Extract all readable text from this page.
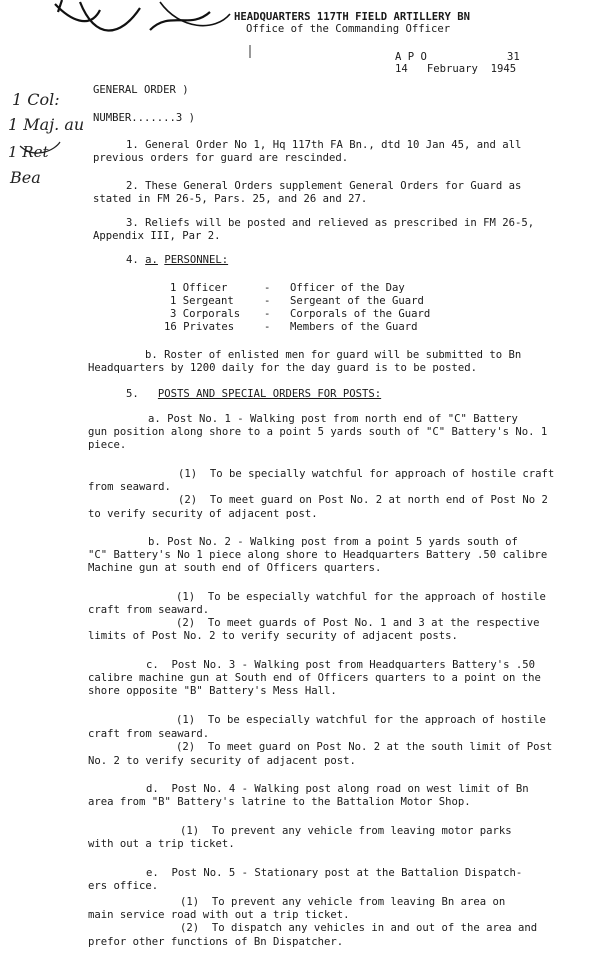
HEADQUARTERS 117TH FIELD ARTILLERY BN
Office of the Commanding Officer
A P O	31
14   February  1945
GENERAL ORDER )
NUMBER.......3 )
1 Col:
1 Maj. au
1 Ret
Bea
1. General Order No 1, Hq 117th FA Bn., dtd 10 Jan 45, and all
previous orders for guard are rescinded.
2. These General Orders supplement General Orders for Guard as
stated in FM 26-5, Pars. 25, and 26 and 27.
3. Reliefs will be posted and relieved as prescribed in FM 26-5,
Appendix III, Par 2.
4. a. PERSONNEL:
1 Officer	- Officer of the Day
1 Sergeant	- Sergeant of the Guard
3 Corporals - Corporals of the Guard
16 Privates	- Members of the Guard
b. Roster of enlisted men for guard will be submitted to Bn
Headquarters by 1200 daily for the day guard is to be posted.
5. POSTS AND SPECIAL ORDERS FOR POSTS:
a. Post No. 1 - Walking post from north end of "C" Battery
gun position along shore to a point 5 yards south of "C" Battery's No. 1
piece.
(1)  To be specially watchful for approach of hostile craft
from seaward.
(2)  To meet guard on Post No. 2 at north end of Post No 2
to verify security of adjacent post.
b. Post No. 2 - Walking post from a point 5 yards south of
"C" Battery's No 1 piece along shore to Headquarters Battery .50 calibre
Machine gun at south end of Officers quarters.
(1)  To be especially watchful for the approach of hostile
craft from seaward.
(2)  To meet guards of Post No. 1 and 3 at the respective
limits of Post No. 2 to verify security of adjacent posts.
c.  Post No. 3 - Walking post from Headquarters Battery's .50
calibre machine gun at South end of Officers quarters to a point on the
shore opposite "B" Battery's Mess Hall.
(1)  To be especially watchful for the approach of hostile
craft from seaward.
(2)  To meet guard on Post No. 2 at the south limit of Post
No. 2 to verify security of adjacent post.
d.  Post No. 4 - Walking post along road on west limit of Bn
area from "B" Battery's latrine to the Battalion Motor Shop.
(1)  To prevent any vehicle from leaving motor parks
with out a trip ticket.
e.  Post No. 5 - Stationary post at the Battalion Dispatch-
ers office.
(1)  To prevent any vehicle from leaving Bn area on
main service road with out a trip ticket.
(2)  To dispatch any vehicles in and out of the area and
prefor other functions of Bn Dispatcher.
